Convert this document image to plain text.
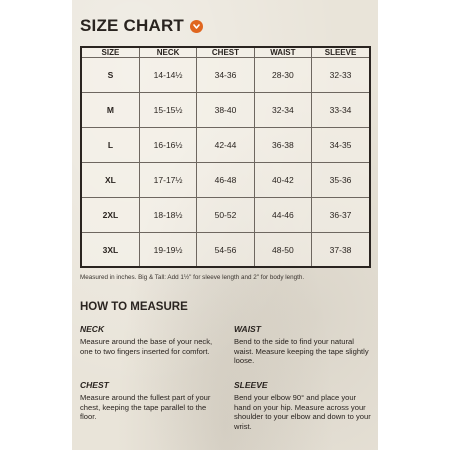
SIZE CHART
SIZE	NECK	CHEST	WAIST	SLEEVE
S	14-14½	34-36	28-30	32-33
M	15-15½	38-40	32-34	33-34
L	16-16½	42-44	36-38	34-35
XL	17-17½	46-48	40-42	35-36
2XL	18-18½	50-52	44-46	36-37
3XL	19-19½	54-56	48-50	37-38
Measured in inches. Big & Tall: Add 1½" for sleeve length and 2" for body length.
HOW TO MEASURE
NECK
Measure around the base of your neck, one to two fingers inserted for comfort.
WAIST
Bend to the side to find your natural waist. Measure keeping the tape slightly loose.
CHEST
Measure around the fullest part of your chest, keeping the tape parallel to the floor.
SLEEVE
Bend your elbow 90° and place your hand on your hip. Measure across your shoulder to your elbow and down to your wrist.
